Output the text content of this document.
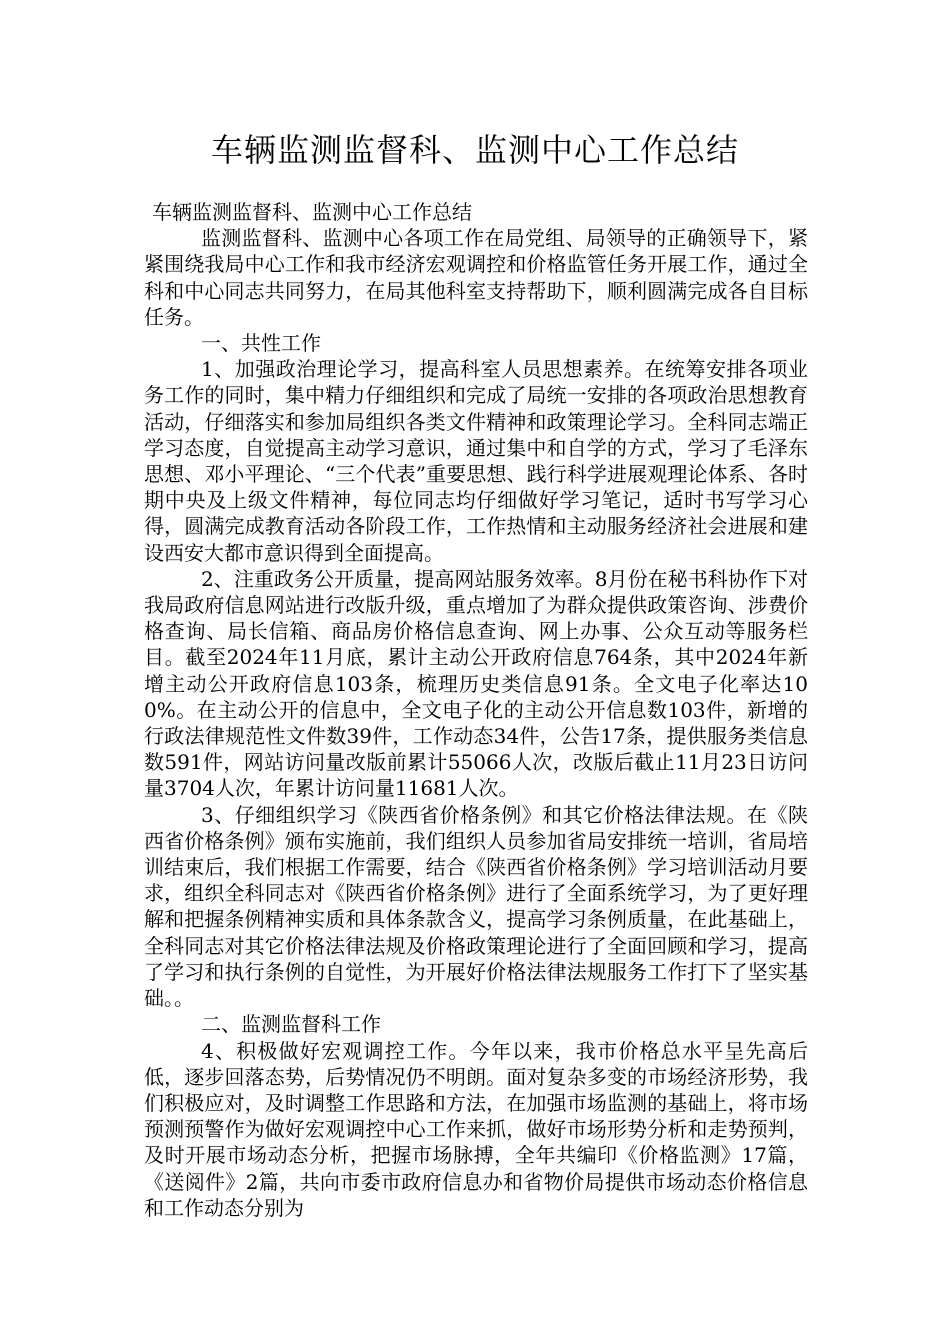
车辆监测监督科、监测中心工作总结

车辆监测监督科、监测中心工作总结

监测监督科、监测中心各项工作在局党组、局领导的正确领导下，紧紧围绕我局中心工作和我市经济宏观调控和价格监管任务开展工作，通过全科和中心同志共同努力，在局其他科室支持帮助下，顺利圆满完成各自目标任务。

一、共性工作

1、加强政治理论学习，提高科室人员思想素养。在统筹安排各项业务工作的同时，集中精力仔细组织和完成了局统一安排的各项政治思想教育活动，仔细落实和参加局组织各类文件精神和政策理论学习。全科同志端正学习态度，自觉提高主动学习意识，通过集中和自学的方式，学习了毛泽东思想、邓小平理论、“三个代表”重要思想、践行科学进展观理论体系、各时期中央及上级文件精神，每位同志均仔细做好学习笔记，适时书写学习心得，圆满完成教育活动各阶段工作，工作热情和主动服务经济社会进展和建设西安大都市意识得到全面提高。

2、注重政务公开质量，提高网站服务效率。8月份在秘书科协作下对我局政府信息网站进行改版升级，重点增加了为群众提供政策咨询、涉费价格查询、局长信箱、商品房价格信息查询、网上办事、公众互动等服务栏目。截至2024年11月底，累计主动公开政府信息764条，其中2024年新增主动公开政府信息103条，梳理历史类信息91条。全文电子化率达100%。在主动公开的信息中，全文电子化的主动公开信息数103件，新增的行政法律规范性文件数39件，工作动态34件，公告17条，提供服务类信息数591件，网站访问量改版前累计55066人次，改版后截止11月23日访问量3704人次，年累计访问量11681人次。

3、仔细组织学习《陕西省价格条例》和其它价格法律法规。在《陕西省价格条例》颁布实施前，我们组织人员参加省局安排统一培训，省局培训结束后，我们根据工作需要，结合《陕西省价格条例》学习培训活动月要求，组织全科同志对《陕西省价格条例》进行了全面系统学习，为了更好理解和把握条例精神实质和具体条款含义，提高学习条例质量，在此基础上，全科同志对其它价格法律法规及价格政策理论进行了全面回顾和学习，提高了学习和执行条例的自觉性，为开展好价格法律法规服务工作打下了坚实基础。。

二、监测监督科工作

4、积极做好宏观调控工作。今年以来，我市价格总水平呈先高后低，逐步回落态势，后势情况仍不明朗。面对复杂多变的市场经济形势，我们积极应对，及时调整工作思路和方法，在加强市场监测的基础上，将市场预测预警作为做好宏观调控中心工作来抓，做好市场形势分析和走势预判，及时开展市场动态分析，把握市场脉搏，全年共编印《价格监测》17篇，《送阅件》2篇，共向市委市政府信息办和省物价局提供市场动态价格信息和工作动态分别为
